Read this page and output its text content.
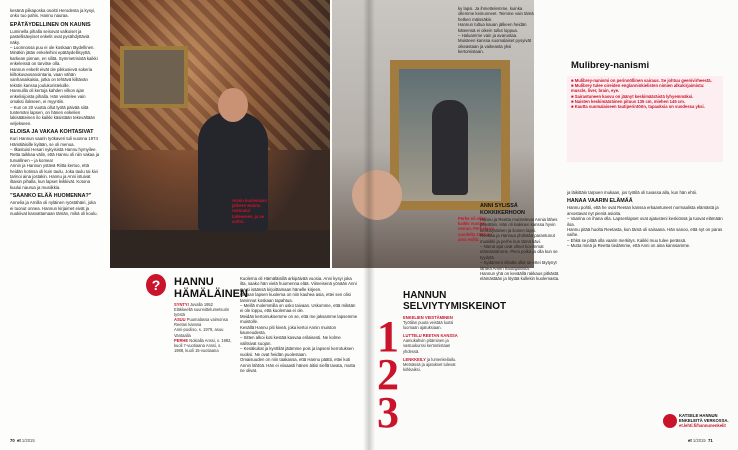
kesänä piikaposka osoitti Herodesta ja kysyi, onko tuo pahis. Hannu nauraa.

EPÄTÄYDELLINEN ON KAUNIS

Luminella pihalla seisovat valkoiset ja pastellisävyiset enkelit ovat pysähdyttäviä näky.

– Luonnossa puu ei ole koskaan täydellinen. Minäkin jätän enkeleihini epätäydellisyyttä, karkean pinnan, en silitä. Symmetrisistä kaikki enkeleissä on tarvitse olla.

Hannun enkelit eivät ole pikkusievä sokeria kiiltokuvaosanointaria, vaan vähän vanhanaikaisia, jotka on tehtävä kiiltävän tekstin kanssa joulukoristeluille.

Hannuilla oli kertoja kahden vilkon ajan enkelisijoista pihalla. Hän veistelee vain omaksi ilokseen, ei myyntiin.

– Kun on 20 vuotta ollut työtä päivää siitä tuntemäni lapsen, on hänen enkelien lakisääteinen ilo kaikki käsistään tekevältään veljekseen.

ELOISA JA VAKAA KOHTASIVAT

Kuri Hannun vaarin työkaveri tuli vuonna 1974 Hämäläisille kylään, se oli menoa.

– Ilkastuisi Hesari nykyisistä Hannu hymyilee.

Retta taikkaa välin, että Hannu oli niin vakaa ja turvallinen – ja komea!

Annin ja Hannun ystävä Riitta kertoo, että heidän kotinsa oli kuin taulu. Joka taulu tai kivi tarinoi aina jostakin. Hannu ja Anni istuivat iltaisin pihalla, kun lapset leikkivät. Kotona kuului naurua ja musiikkia.

”SAANKO ELÄÄ HUOMENNA?”

Anneliа ja Arnilla oli nyläinen ryöstähäiri, joka ei tuonut onnea. Hannun kirjaimet eivät ja nuukiivat kasvattamaan tämän, mikä oli koulu.

Annin kuolemaan jälkeen Hannu rentoutui taiteeseen, ja se auttoi.
Perhe oli ollut kaikki vuoden verran. Perhekuva vuodelta 1988 on aina esillä.
?	HANNU HÄMÄLÄINEN

SYNTYI Juvalla 1952

Eläkkeellä suunnittelumetsurin työstä

ASUU Puumalassa vaimonsa Reetan kanssa

Anni-puoliso, s. 1979, asuu Vantaalla

PERHE Nokialla Anssi, s. 1982, kuoli 7-vuotiaana Anssi, s. 1988, kuoli 15-vuotiaana

Kuolema oli Hämäläisillä arkipäivää vuosia. Anni kysyi joka ilta, saako hän vielä huomenna elää. Viimeisenä yönään Anni pyysi isäänsä kirjoittamaan hänelle kirjeen.

Omaan lapsen kuolema on niin kauhea asia, ettei sen olisi tarvinnut koskaan tapahtua.

– Meillä molemmilla on usko taivaan. Uskomme, että mikään ei ole loppu, että kuolemaa ei ole.

Meidän kertomuksemme on se, että me jaksamme lapsemme muistolle.

Kesällä Hannu piti kiveä, joka kertoi Annin muiston kauneudesta.

– Sitten alkoi koti kestää kasvaa erilaisesti. Ne kolme valitsivat suojan.

– Kesäkukat ja kynttilät jätämme pois ja lapseni kerrotuksen vuoksi. Ne ovat heidän puolestaan.

Omaisuuden on niin taakassa, että Hannu päätti, ettei koti Annin lähtöä. Hän ei viisaasti hänen äitisi siellä tavata, mutta ne olivat.

ky lapsi. Ja ihmettelemme, kuinka ollemme keinunneet. Teimme vain tämä hetken mäissäkin.

Hannun tultua kauan jälkeen heidän käteensä ei oikein tullut loppua.

– Haluamme vain ja avarustaa. Muisteen kanssa suomalaiset pysyivät oikeastaan ja vaikeasta yksi kertomistaan.

1
2
3
HANNUN SELVIYTYMISKEINOT

ENKELIEN VEISTÄMINEN Työtilan puuta veistää luotsi luomaan ajatuksiaan.

LUTTELU REETAN KANSSA Aamukahvin pitäminen ja vastuukurssi kertomistaan yhdessä.

LENKKEILY ja lumenkeilailu. Metsässä ja ajatukset tulevat kirkkaiksi.

ANNI SYLISSÄ KOKKIKERHOON

Hannu ja Reetta muistelevat Annia lähes päivittäin. Hän oli kaikkien kanssa hyvin keskisyväinen ja iloinen lapsi.

Reettaa ja Hannua yhdistää parantunut musiikki ja perhe kun tämä kävi.

– Nämä ajat ovat olleet kovimmat elämässämme. Pieni poika ja olla kun se tyydytä.

– Sydämeni vihatta ollut se ettei täytynyt lähteä Annin hautajaisista.

Hannun yhä on keväällä rakkaus pitkästä elämästään ja löytää kullekin kuolemasta.

Mulibrey-nanismi

■ Mulibrey-nanismi on perinnöllinen sairaus. Se johtuu geenivirheestä.

■ Mulibrey tulee oireiden englanninkielisten nimien alkukirjaimista: muscle, liver, brain, eye.

■ Sairastuneen kasvu on jäänyt keskimääräistä lyhyemmäksi.

■ Naisten keskimääräinen pituus 135 cm, miehen 145 cm.

■ Kautta suomalaiseen tautiperintöön, tapauksia on vuodessa yksi.

ja läikittäin tarpoen mukaan, jos työtilä oli tuvassa alla, kun hän ehtii.

HANAA VAARIN ELÄMÄÄ

Hannu pohtii, että he ovat Reetan kanssa erkaantuneet normaalista elämästä ja arvostavat nyt pieniä asioita.

– Vaarina on ihana olla. Lapsenlapset ovat ajatusteni keskiössä ja tuovat elämään iloa.

Hannu pitää huolta Reetasta, kun tämä oli sairaana. Hän sanoo, että nyt on paras vaihe.

– Ehkä se pitää olla vaarin merkitys. Kaikki muu tulee perässä.

– Mutta minä ja Reetta tiedämme, että Anni on aina kanssamme.

KATSELE HANNUN ENKELEITÄ VERKOSSA.

et.lehti.fi/hannunenkelit
70 et 1/2015	et 1/2015 71
